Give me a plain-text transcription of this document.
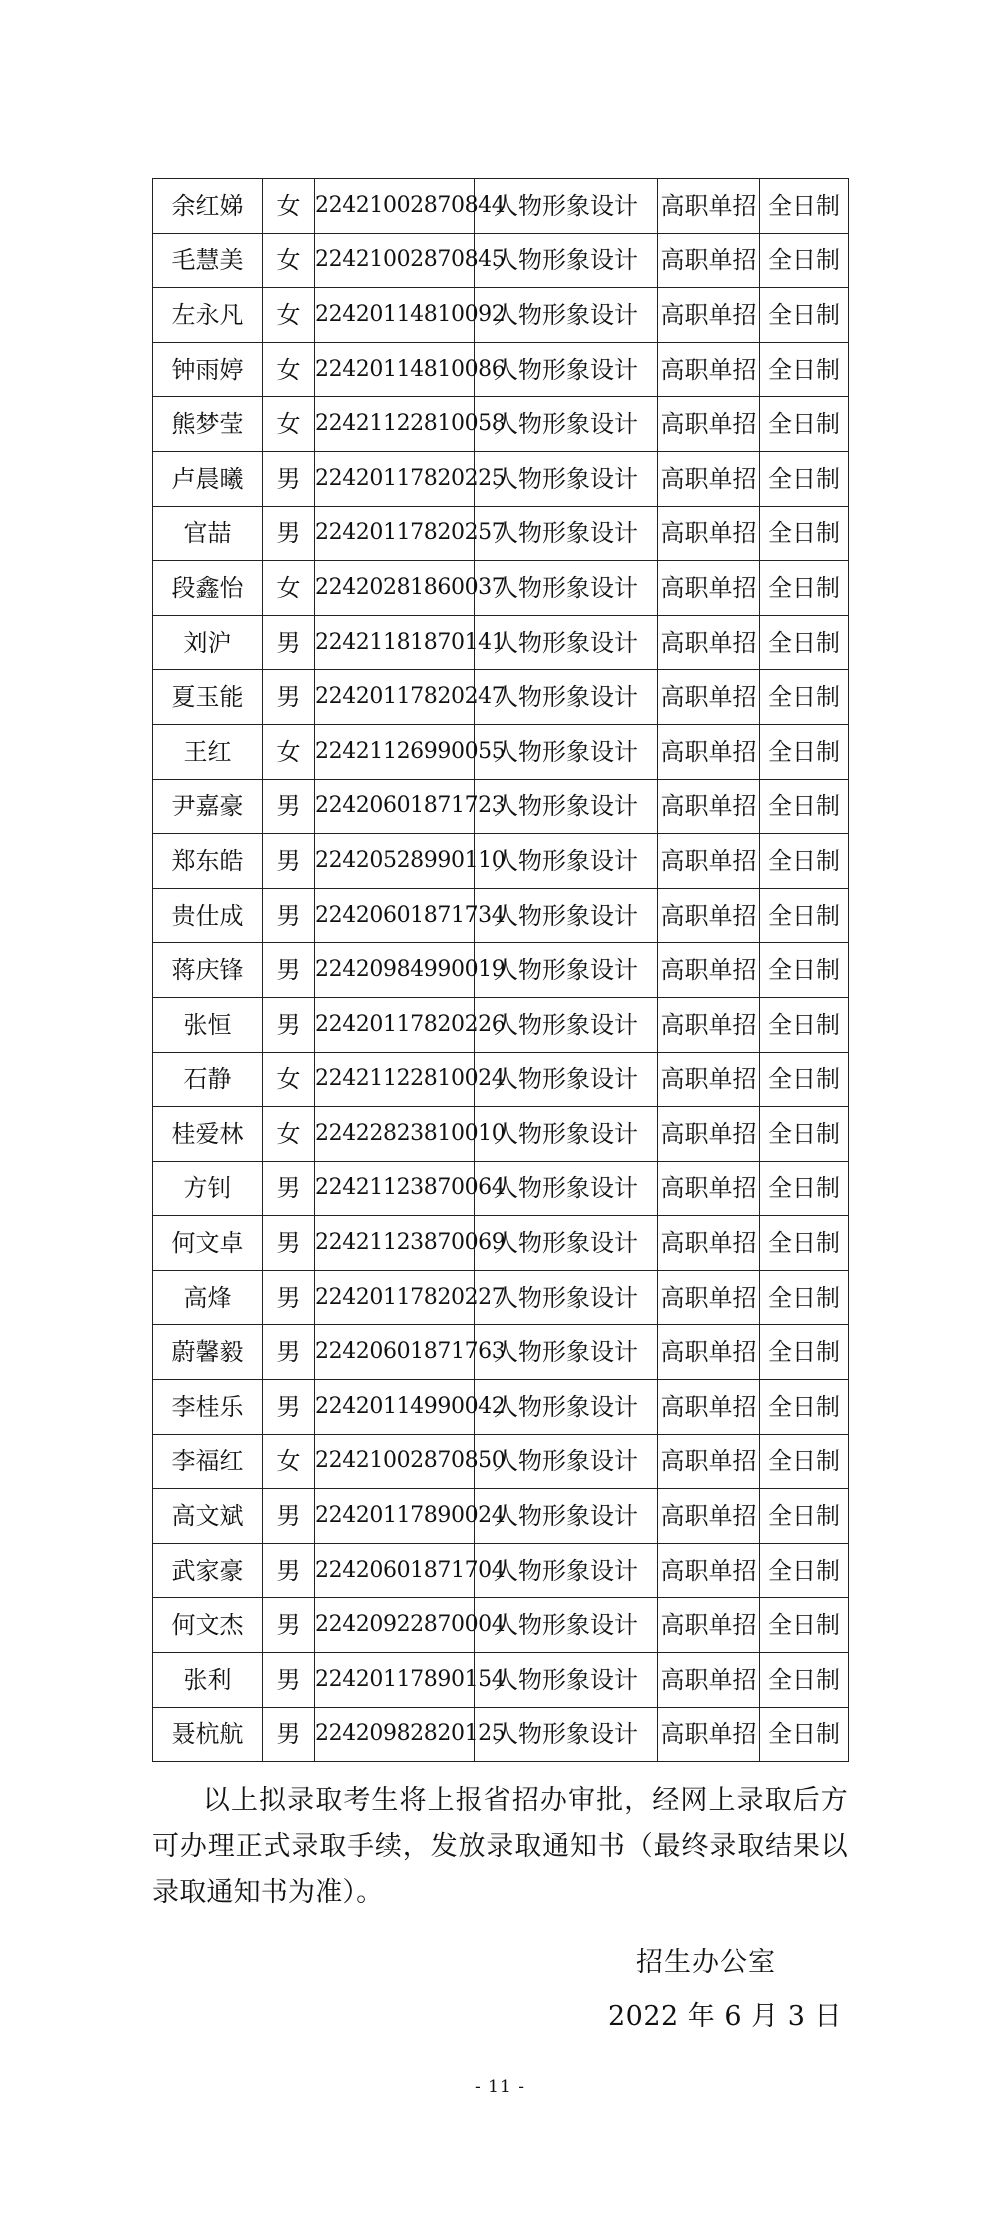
余红娣	女	22421002870844	人物形象设计	高职单招	全日制
毛慧美	女	22421002870845	人物形象设计	高职单招	全日制
左永凡	女	22420114810092	人物形象设计	高职单招	全日制
钟雨婷	女	22420114810086	人物形象设计	高职单招	全日制
熊梦莹	女	22421122810058	人物形象设计	高职单招	全日制
卢晨曦	男	22420117820225	人物形象设计	高职单招	全日制
官喆	男	22420117820257	人物形象设计	高职单招	全日制
段鑫怡	女	22420281860037	人物形象设计	高职单招	全日制
刘沪	男	22421181870141	人物形象设计	高职单招	全日制
夏玉能	男	22420117820247	人物形象设计	高职单招	全日制
王红	女	22421126990055	人物形象设计	高职单招	全日制
尹嘉豪	男	22420601871723	人物形象设计	高职单招	全日制
郑东皓	男	22420528990110	人物形象设计	高职单招	全日制
贵仕成	男	22420601871734	人物形象设计	高职单招	全日制
蒋庆锋	男	22420984990019	人物形象设计	高职单招	全日制
张恒	男	22420117820226	人物形象设计	高职单招	全日制
石静	女	22421122810024	人物形象设计	高职单招	全日制
桂爱林	女	22422823810010	人物形象设计	高职单招	全日制
方钊	男	22421123870064	人物形象设计	高职单招	全日制
何文卓	男	22421123870069	人物形象设计	高职单招	全日制
高烽	男	22420117820227	人物形象设计	高职单招	全日制
蔚馨毅	男	22420601871763	人物形象设计	高职单招	全日制
李桂乐	男	22420114990042	人物形象设计	高职单招	全日制
李福红	女	22421002870850	人物形象设计	高职单招	全日制
高文斌	男	22420117890024	人物形象设计	高职单招	全日制
武家豪	男	22420601871704	人物形象设计	高职单招	全日制
何文杰	男	22420922870004	人物形象设计	高职单招	全日制
张利	男	22420117890154	人物形象设计	高职单招	全日制
聂杭航	男	22420982820125	人物形象设计	高职单招	全日制
以上拟录取考生将上报省招办审批，经网上录取后方可办理正式录取手续，发放录取通知书（最终录取结果以录取通知书为准）。
招生办公室
2022 年 6 月 3 日
- 11 -
